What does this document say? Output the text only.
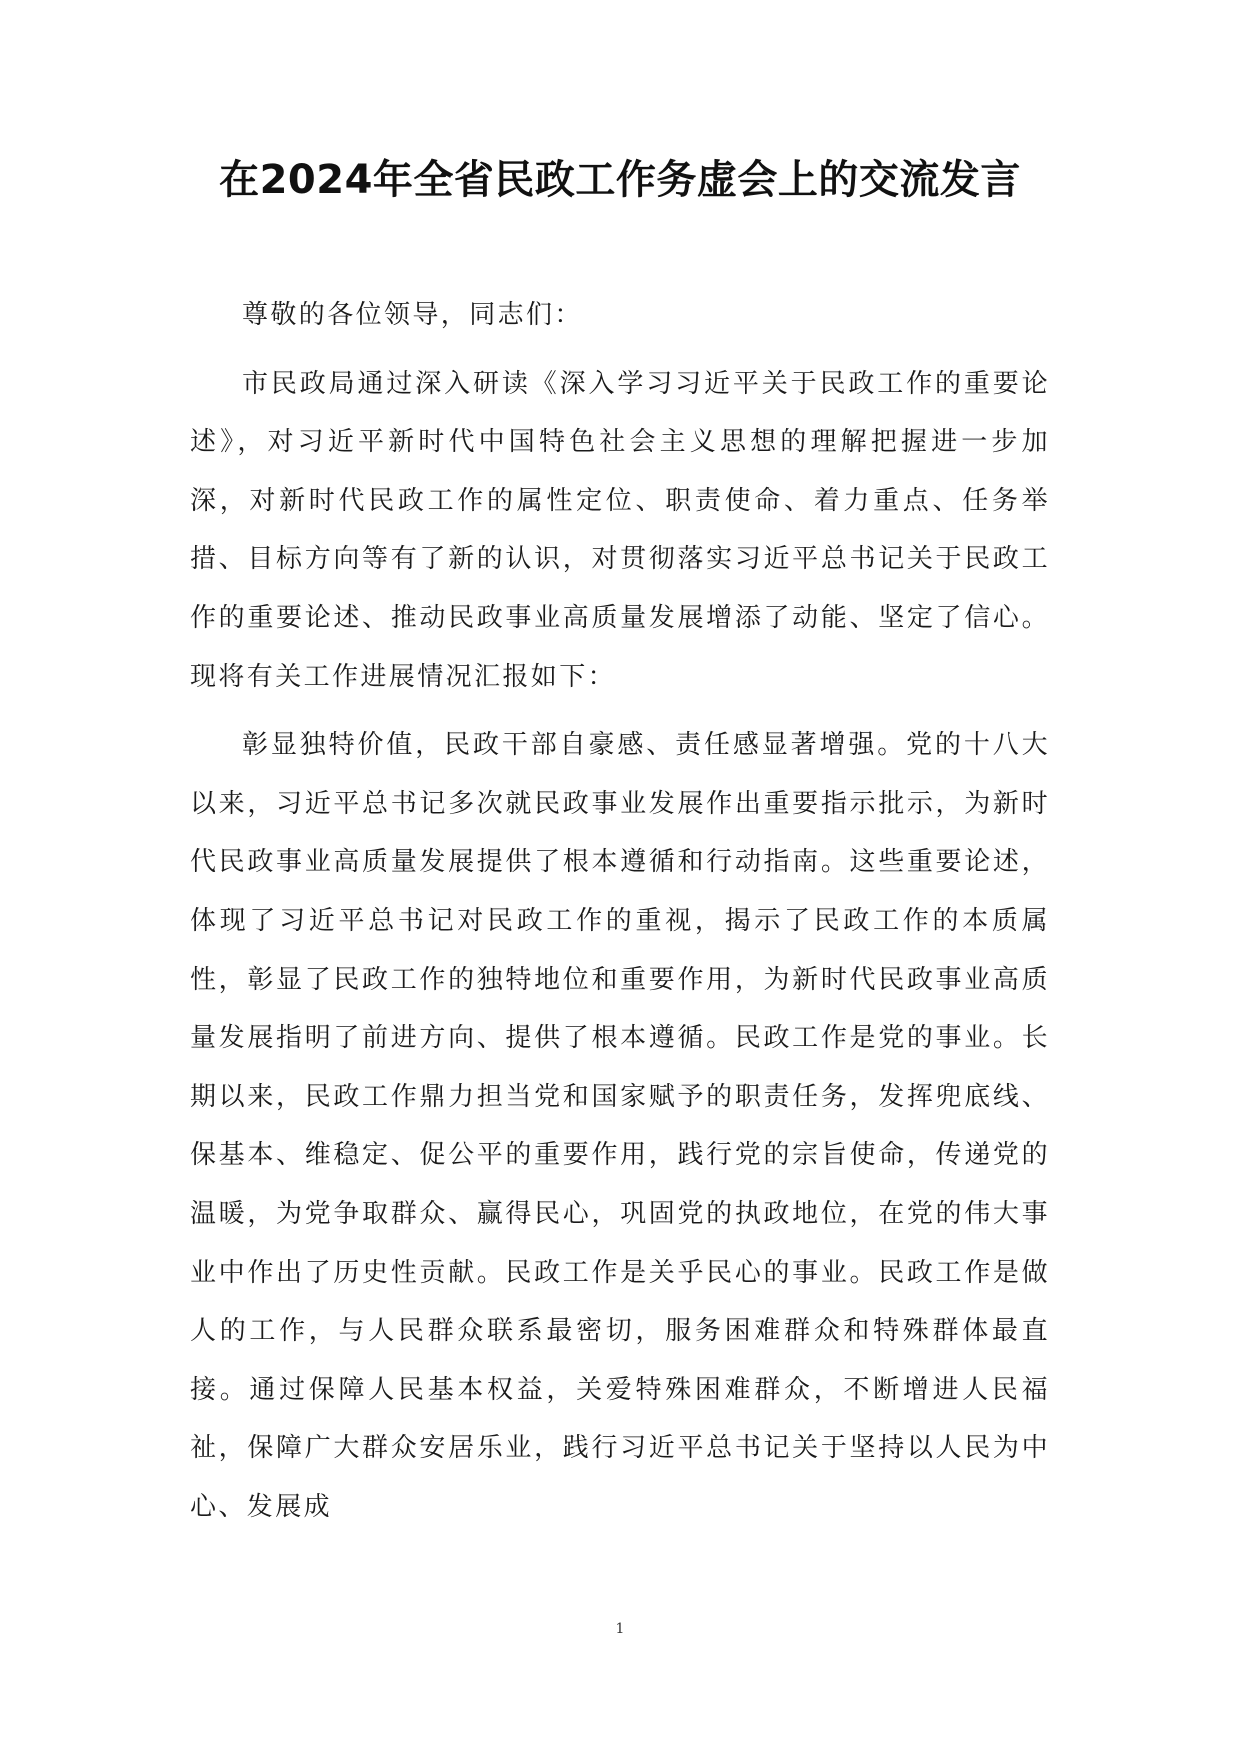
在2024年全省民政工作务虚会上的交流发言

尊敬的各位领导，同志们：

市民政局通过深入研读《深入学习习近平关于民政工作的重要论述》，对习近平新时代中国特色社会主义思想的理解把握进一步加深，对新时代民政工作的属性定位、职责使命、着力重点、任务举措、目标方向等有了新的认识，对贯彻落实习近平总书记关于民政工作的重要论述、推动民政事业高质量发展增添了动能、坚定了信心。现将有关工作进展情况汇报如下：

彰显独特价值，民政干部自豪感、责任感显著增强。党的十八大以来，习近平总书记多次就民政事业发展作出重要指示批示，为新时代民政事业高质量发展提供了根本遵循和行动指南。这些重要论述，体现了习近平总书记对民政工作的重视，揭示了民政工作的本质属性，彰显了民政工作的独特地位和重要作用，为新时代民政事业高质量发展指明了前进方向、提供了根本遵循。民政工作是党的事业。长期以来，民政工作鼎力担当党和国家赋予的职责任务，发挥兜底线、保基本、维稳定、促公平的重要作用，践行党的宗旨使命，传递党的温暖，为党争取群众、赢得民心，巩固党的执政地位，在党的伟大事业中作出了历史性贡献。民政工作是关乎民心的事业。民政工作是做人的工作，与人民群众联系最密切，服务困难群众和特殊群体最直接。通过保障人民基本权益，关爱特殊困难群众，不断增进人民福祉，保障广大群众安居乐业，践行习近平总书记关于坚持以人民为中心、发展成

1
